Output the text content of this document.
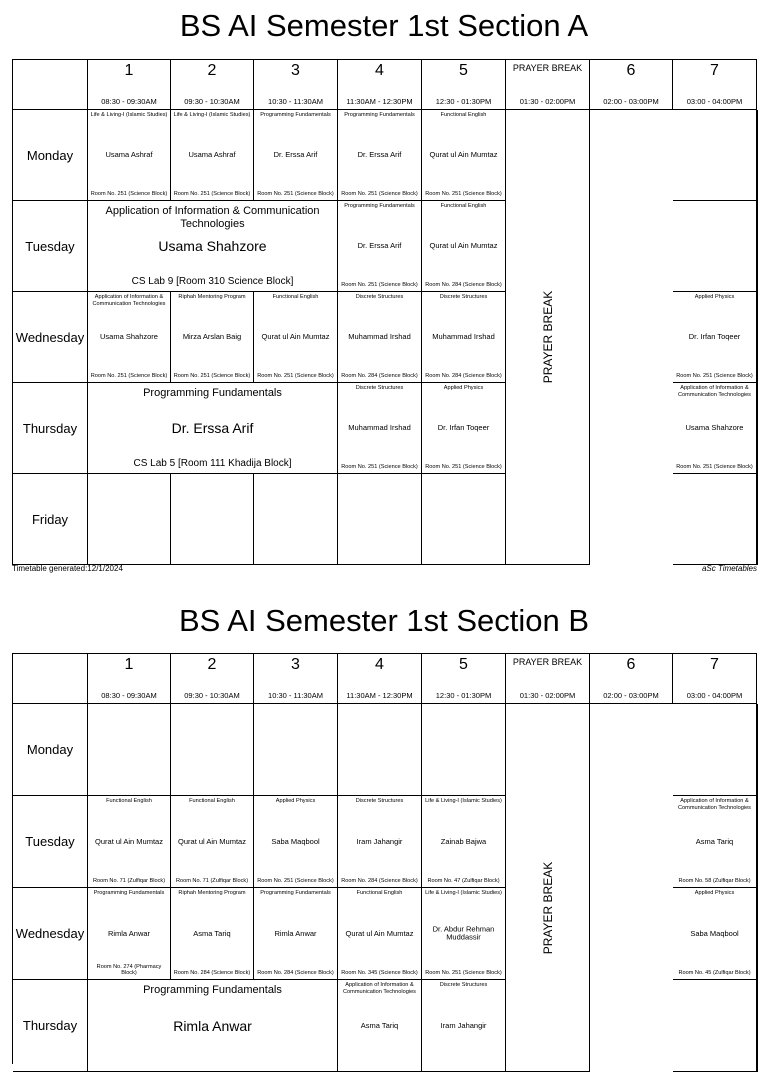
BS AI Semester 1st Section A
1
08:30 - 09:30AM
2
09:30 - 10:30AM
3
10:30 - 11:30AM
4
11:30AM - 12:30PM
5
12:30 - 01:30PM
PRAYER BREAK
01:30 - 02:00PM
6
02:00 - 03:00PM
7
03:00 - 04:00PM
Monday
Tuesday
Wednesday
Thursday
Friday
PRAYER BREAK
Life & Living-I (Islamic Studies)
Usama Ashraf
Room No. 251 (Science Block)
Life & Living-I (Islamic Studies)
Usama Ashraf
Room No. 251 (Science Block)
Programming Fundamentals
Dr. Erssa Arif
Room No. 251 (Science Block)
Programming Fundamentals
Dr. Erssa Arif
Room No. 251 (Science Block)
Functional English
Qurat ul Ain Mumtaz
Room No. 251 (Science Block)
Application of Information & Communication Technologies
Usama Shahzore
CS Lab 9 [Room 310 Science Block]
Programming Fundamentals
Dr. Erssa Arif
Room No. 251 (Science Block)
Functional English
Qurat ul Ain Mumtaz
Room No. 284 (Science Block)
Application of Information & Communication Technologies
Usama Shahzore
Room No. 251 (Science Block)
Riphah Mentoring Program
Mirza Arslan Baig
Room No. 251 (Science Block)
Functional English
Qurat ul Ain Mumtaz
Room No. 251 (Science Block)
Discrete Structures
Muhammad Irshad
Room No. 284 (Science Block)
Discrete Structures
Muhammad Irshad
Room No. 284 (Science Block)
Applied Physics
Dr. Irfan Toqeer
Room No. 251 (Science Block)
Programming Fundamentals
Dr. Erssa Arif
CS Lab 5 [Room 111 Khadija Block]
Discrete Structures
Muhammad Irshad
Room No. 251 (Science Block)
Applied Physics
Dr. Irfan Toqeer
Room No. 251 (Science Block)
Application of Information & Communication Technologies
Usama Shahzore
Room No. 251 (Science Block)
Timetable generated:12/1/2024	aSc Timetables
BS AI Semester 1st Section B
1
08:30 - 09:30AM
2
09:30 - 10:30AM
3
10:30 - 11:30AM
4
11:30AM - 12:30PM
5
12:30 - 01:30PM
PRAYER BREAK
01:30 - 02:00PM
6
02:00 - 03:00PM
7
03:00 - 04:00PM
Monday
Tuesday
Wednesday
Thursday
PRAYER BREAK
Functional English
Qurat ul Ain Mumtaz
Room No. 71 (Zulfiqar Block)
Functional English
Qurat ul Ain Mumtaz
Room No. 71 (Zulfiqar Block)
Applied Physics
Saba Maqbool
Room No. 251 (Science Block)
Discrete Structures
Iram Jahangir
Room No. 284 (Science Block)
Life & Living-I (Islamic Studies)
Zainab Bajwa
Room No. 47 (Zulfiqar Block)
Application of Information & Communication Technologies
Asma Tariq
Room No. 58 (Zulfiqar Block)
Programming Fundamentals
Rimla Anwar
Room No. 274 (Pharmacy Block)
Riphah Mentoring Program
Asma Tariq
Room No. 284 (Science Block)
Programming Fundamentals
Rimla Anwar
Room No. 284 (Science Block)
Functional English
Qurat ul Ain Mumtaz
Room No. 345 (Science Block)
Life & Living-I (Islamic Studies)
Dr. Abdur Rehman Muddassir
Room No. 251 (Science Block)
Applied Physics
Saba Maqbool
Room No. 45 (Zulfiqar Block)
Programming Fundamentals
Rimla Anwar
Application of Information & Communication Technologies
Asma Tariq
Discrete Structures
Iram Jahangir
